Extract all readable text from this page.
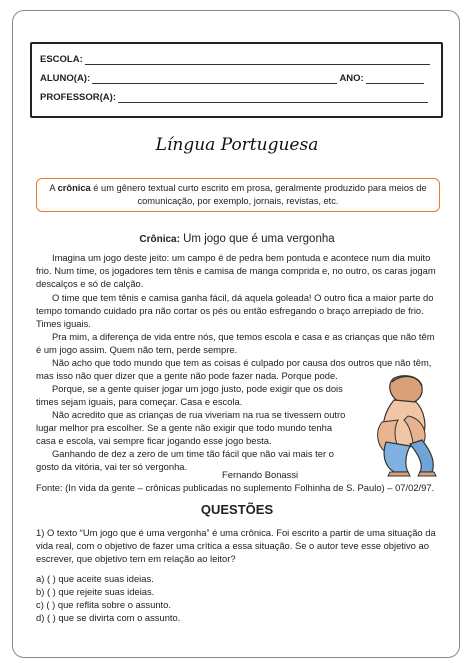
ESCOLA:
ALUNO(A):	ANO:
PROFESSOR(A):
Língua Portuguesa
A crônica é um gênero textual curto escrito em prosa, geralmente produzido para meios de
comunicação, por exemplo, jornais, revistas, etc.
Crônica: Um jogo que é uma vergonha
Imagina um jogo deste jeito: um campo é de pedra bem pontuda e acontece num dia muito
frio. Num time, os jogadores tem tênis e camisa de manga comprida e, no outro, os caras jogam
descalços e só de calção.
O time que tem tênis e camisa ganha fácil, dá aquela goleada! O outro fica a maior parte do
tempo tomando cuidado pra não cortar os pés ou então esfregando o braço arrepiado de frio.
Times iguais.
Pra mim, a diferença de vida entre nós, que temos escola e casa e as crianças que não têm
é um jogo assim. Quem não tem, perde sempre.
Não acho que todo mundo que tem as coisas é culpado por causa dos outros que não têm,
mas isso não quer dizer que a gente não pode fazer nada. Porque pode.
Porque, se a gente quiser jogar um jogo justo, pode exigir que os dois
times sejam iguais, para começar. Casa e escola.
Não acredito que as crianças de rua viveriam na rua se tivessem outro
lugar melhor pra escolher. Se a gente não exigir que todo mundo tenha
casa e escola, vai sempre ficar jogando esse jogo besta.
Ganhando de dez a zero de um time tão fácil que não vai mais ter o
gosto da vitória, vai ter só vergonha.
Fernando Bonassi
Fonte: (In vida da gente – crônicas publicadas no suplemento Folhinha de S. Paulo) – 07/02/97.
QUESTÕES
1) O texto “Um jogo que é uma vergonha” é uma crônica. Foi escrito a partir de uma situação da
vida real, com o objetivo de fazer uma crítica a essa situação. Se o autor teve esse objetivo ao
escrever, que objetivo tem em relação ao leitor?
a) ( ) que aceite suas ideias.
b) ( ) que rejeite suas ideias.
c) ( ) que reflita sobre o assunto.
d) ( ) que se divirta com o assunto.
